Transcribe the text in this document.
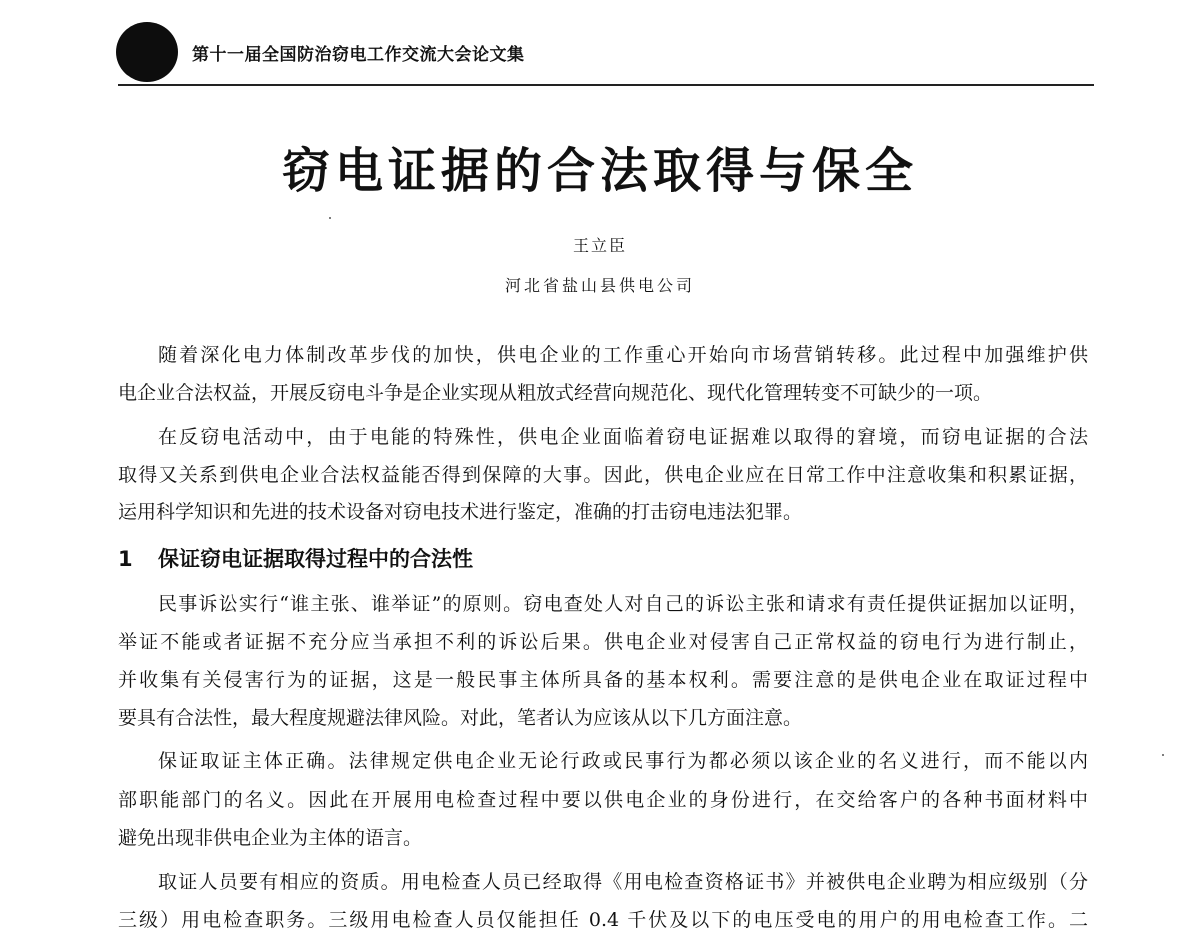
第十一届全国防治窃电工作交流大会论文集
窃电证据的合法取得与保全
王立臣
河北省盐山县供电公司
随着深化电力体制改革步伐的加快，供电企业的工作重心开始向市场营销转移。此过程中加强维护供
电企业合法权益，开展反窃电斗争是企业实现从粗放式经营向规范化、现代化管理转变不可缺少的一项。
在反窃电活动中，由于电能的特殊性，供电企业面临着窃电证据难以取得的窘境，而窃电证据的合法
取得又关系到供电企业合法权益能否得到保障的大事。因此，供电企业应在日常工作中注意收集和积累证据，
运用科学知识和先进的技术设备对窃电技术进行鉴定，准确的打击窃电违法犯罪。
1 保证窃电证据取得过程中的合法性
民事诉讼实行“谁主张、谁举证”的原则。窃电查处人对自己的诉讼主张和请求有责任提供证据加以证明，
举证不能或者证据不充分应当承担不利的诉讼后果。供电企业对侵害自己正常权益的窃电行为进行制止，
并收集有关侵害行为的证据，这是一般民事主体所具备的基本权利。需要注意的是供电企业在取证过程中
要具有合法性，最大程度规避法律风险。对此，笔者认为应该从以下几方面注意。
保证取证主体正确。法律规定供电企业无论行政或民事行为都必须以该企业的名义进行，而不能以内
部职能部门的名义。因此在开展用电检查过程中要以供电企业的身份进行，在交给客户的各种书面材料中
避免出现非供电企业为主体的语言。
取证人员要有相应的资质。用电检查人员已经取得《用电检查资格证书》并被供电企业聘为相应级别（分
三级）用电检查职务。三级用电检查人员仅能担任 0.4 千伏及以下的电压受电的用户的用电检查工作。二
